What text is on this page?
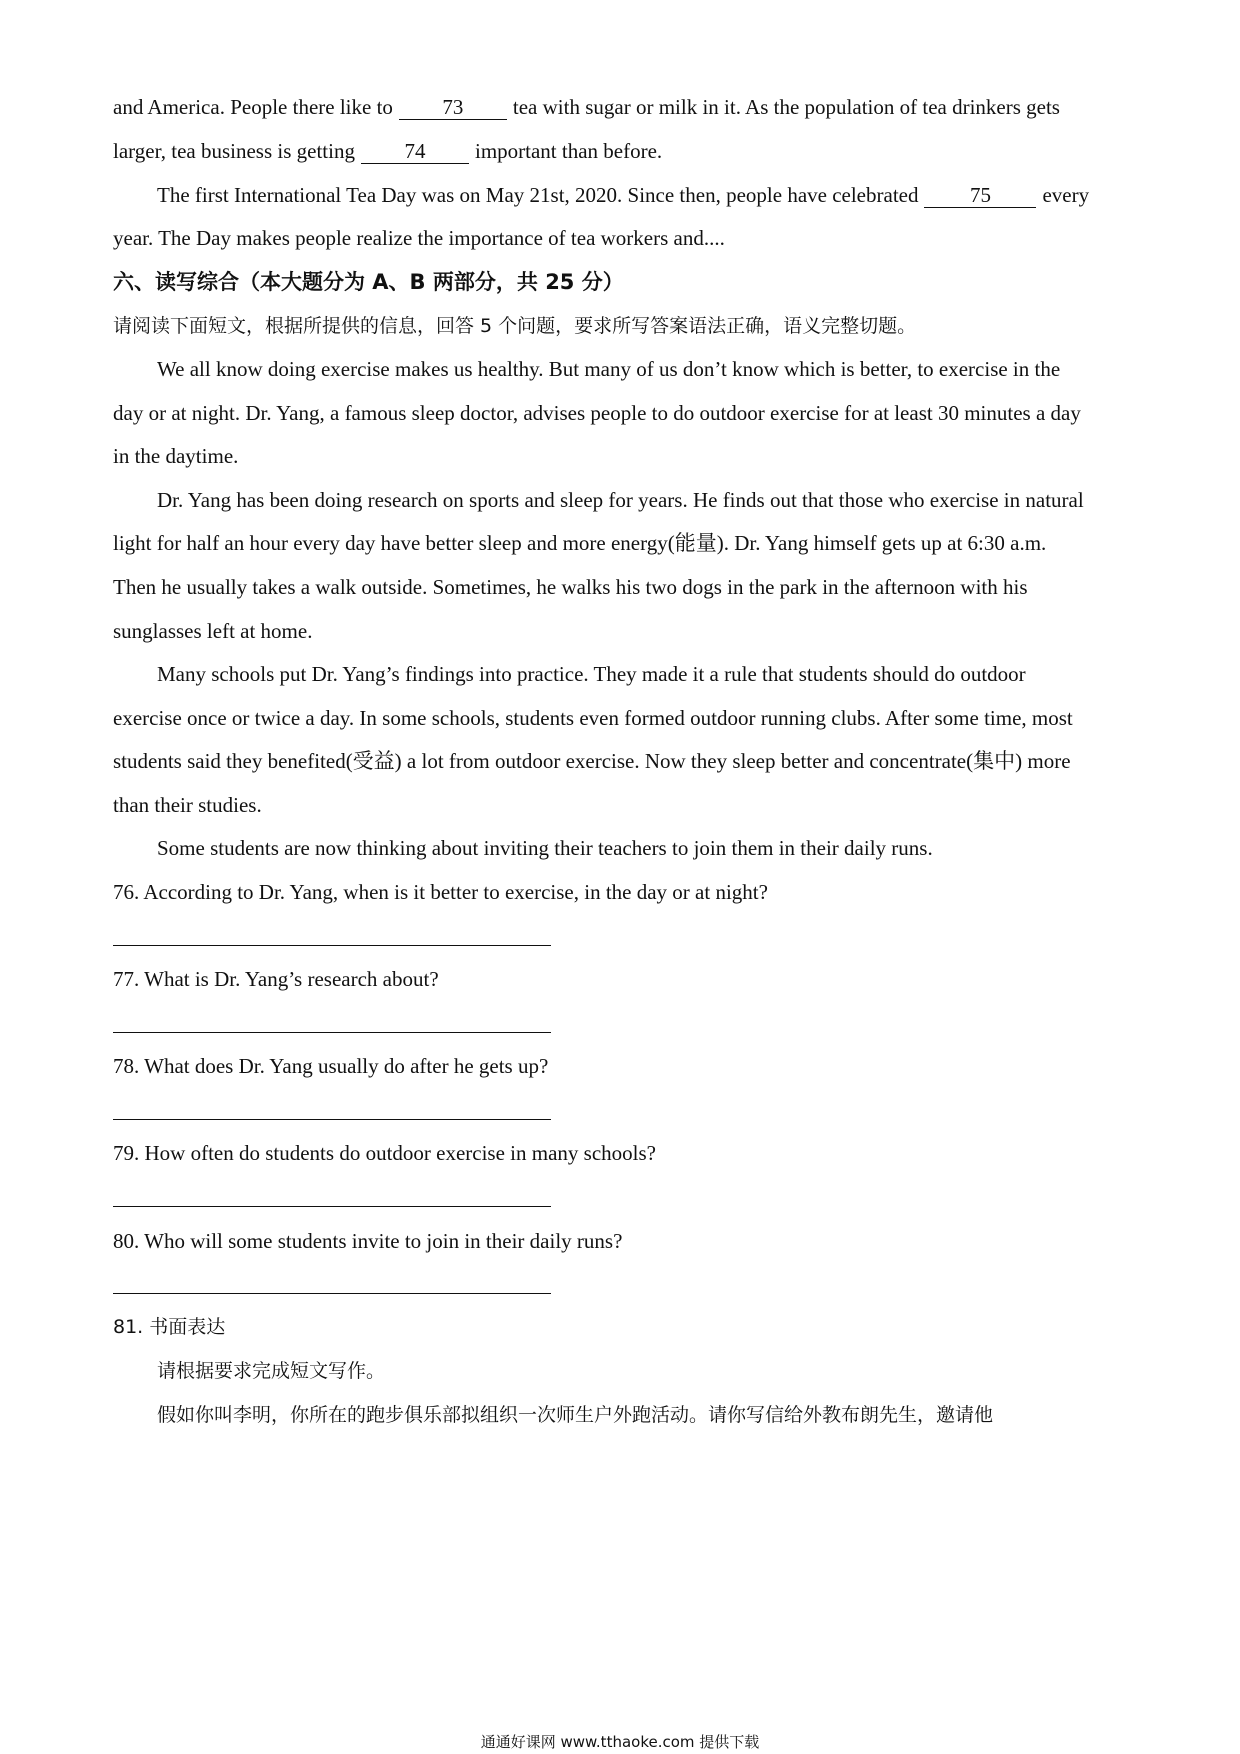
and America. People there like to 73 tea with sugar or milk in it. As the population of tea drinkers gets
larger, tea business is getting 74 important than before.
The first International Tea Day was on May 21st, 2020. Since then, people have celebrated 75 every
year. The Day makes people realize the importance of tea workers and....
六、读写综合（本大题分为 A、B 两部分，共 25 分）
请阅读下面短文，根据所提供的信息，回答 5 个问题，要求所写答案语法正确，语义完整切题。
We all know doing exercise makes us healthy. But many of us don’t know which is better, to exercise in the
day or at night. Dr. Yang, a famous sleep doctor, advises people to do outdoor exercise for at least 30 minutes a day
in the daytime.
Dr. Yang has been doing research on sports and sleep for years. He finds out that those who exercise in natural
light for half an hour every day have better sleep and more energy(能量). Dr. Yang himself gets up at 6:30 a.m.
Then he usually takes a walk outside. Sometimes, he walks his two dogs in the park in the afternoon with his
sunglasses left at home.
Many schools put Dr. Yang’s findings into practice. They made it a rule that students should do outdoor
exercise once or twice a day. In some schools, students even formed outdoor running clubs. After some time, most
students said they benefited(受益) a lot from outdoor exercise. Now they sleep better and concentrate(集中) more
than their studies.
Some students are now thinking about inviting their teachers to join them in their daily runs.
76. According to Dr. Yang, when is it better to exercise, in the day or at night?
77. What is Dr. Yang’s research about?
78. What does Dr. Yang usually do after he gets up?
79. How often do students do outdoor exercise in many schools?
80. Who will some students invite to join in their daily runs?
81. 书面表达
请根据要求完成短文写作。
假如你叫李明，你所在的跑步俱乐部拟组织一次师生户外跑活动。请你写信给外教布朗先生，邀请他
通通好课网 www.tthaoke.com 提供下载
